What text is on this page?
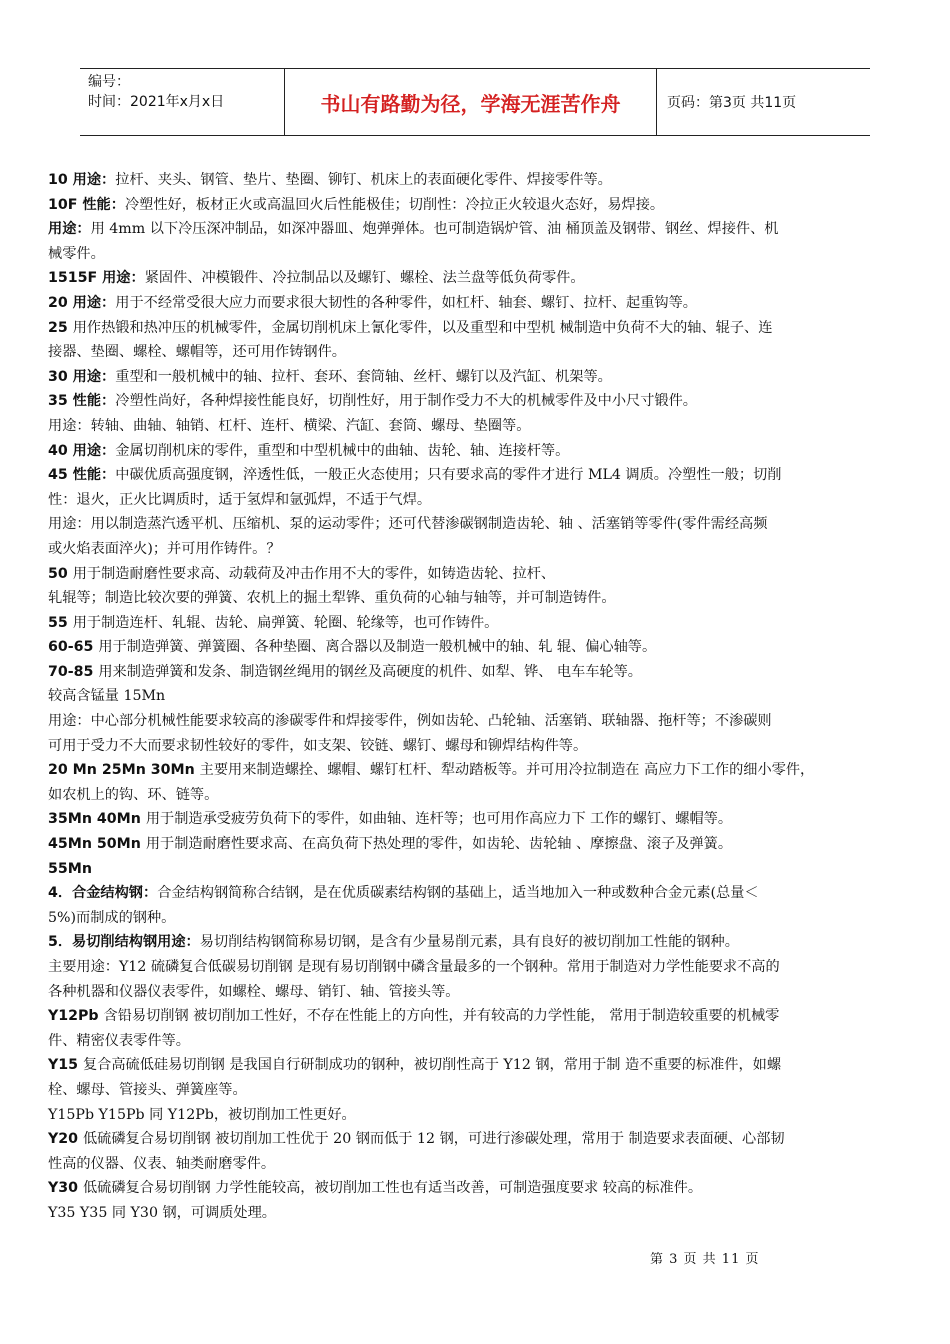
编号：
时间：2021年x月x日	书山有路勤为径，学海无涯苦作舟	页码：第3页 共11页

10 用途：拉杆、夹头、钢管、垫片、垫圈、铆钉、机床上的表面硬化零件、焊接零件等。

10F 性能：冷塑性好，板材正火或高温回火后性能极佳；切削性：冷拉正火较退火态好，易焊接。

用途：用 4mm 以下冷压深冲制品，如深冲器皿、炮弹弹体。也可制造锅炉管、油 桶顶盖及钢带、钢丝、焊接件、机

械零件。

1515F 用途：紧固件、冲模锻件、冷拉制品以及螺钉、螺栓、法兰盘等低负荷零件。

20 用途：用于不经常受很大应力而要求很大韧性的各种零件，如杠杆、轴套、螺钉、拉杆、起重钩等。

25 用作热锻和热冲压的机械零件，金属切削机床上氰化零件，以及重型和中型机 械制造中负荷不大的轴、辊子、连

接器、垫圈、螺栓、螺帽等，还可用作铸钢件。

30 用途：重型和一般机械中的轴、拉杆、套环、套筒轴、丝杆、螺钉以及汽缸、机架等。

35 性能：冷塑性尚好，各种焊接性能良好，切削性好，用于制作受力不大的机械零件及中小尺寸锻件。

用途：转轴、曲轴、轴销、杠杆、连杆、横梁、汽缸、套筒、螺母、垫圈等。

40 用途：金属切削机床的零件，重型和中型机械中的曲轴、齿轮、轴、连接杆等。

45 性能：中碳优质高强度钢，淬透性低，一般正火态使用；只有要求高的零件才进行 ML4 调质。冷塑性一般；切削

性：退火，正火比调质时，适于氢焊和氩弧焊，不适于气焊。

用途：用以制造蒸汽透平机、压缩机、泵的运动零件；还可代替渗碳钢制造齿轮、轴 、活塞销等零件(零件需经高频

或火焰表面淬火)；并可用作铸件。？

50 用于制造耐磨性要求高、动载荷及冲击作用不大的零件，如铸造齿轮、拉杆、

轧辊等；制造比较次要的弹簧、农机上的掘土犁铧、重负荷的心轴与轴等，并可制造铸件。

55 用于制造连杆、轧辊、齿轮、扁弹簧、轮圈、轮缘等，也可作铸件。

60-65 用于制造弹簧、弹簧圈、各种垫圈、离合器以及制造一般机械中的轴、轧 辊、偏心轴等。

70-85 用来制造弹簧和发条、制造钢丝绳用的钢丝及高硬度的机件、如犁、铧、 电车车轮等。

较高含锰量 15Mn

用途：中心部分机械性能要求较高的渗碳零件和焊接零件，例如齿轮、凸轮轴、活塞销、联轴器、拖杆等；不渗碳则

可用于受力不大而要求韧性较好的零件，如支架、铰链、螺钉、螺母和铆焊结构件等。

20 Mn 25Mn 30Mn 主要用来制造螺拴、螺帽、螺钉杠杆、犁动踏板等。并可用冷拉制造在 高应力下工作的细小零件，

如农机上的钩、环、链等。

35Mn 40Mn 用于制造承受疲劳负荷下的零件，如曲轴、连杆等；也可用作高应力下 工作的螺钉、螺帽等。

45Mn 50Mn 用于制造耐磨性要求高、在高负荷下热处理的零件，如齿轮、齿轮轴 、摩擦盘、滚子及弹簧。

55Mn

4．合金结构钢：合金结构钢简称合结钢，是在优质碳素结构钢的基础上，适当地加入一种或数种合金元素(总量＜

5%)而制成的钢种。

5．易切削结构钢用途：易切削结构钢简称易切钢，是含有少量易削元素，具有良好的被切削加工性能的钢种。

主要用途：Y12 硫磷复合低碳易切削钢 是现有易切削钢中磷含量最多的一个钢种。常用于制造对力学性能要求不高的

各种机器和仪器仪表零件，如螺栓、螺母、销钉、轴、管接头等。

Y12Pb 含铅易切削钢 被切削加工性好，不存在性能上的方向性，并有较高的力学性能， 常用于制造较重要的机械零

件、精密仪表零件等。

Y15 复合高硫低硅易切削钢 是我国自行研制成功的钢种，被切削性高于 Y12 钢，常用于制 造不重要的标准件，如螺

栓、螺母、管接头、弹簧座等。

Y15Pb Y15Pb 同 Y12Pb，被切削加工性更好。

Y20 低硫磷复合易切削钢 被切削加工性优于 20 钢而低于 12 钢，可进行渗碳处理，常用于 制造要求表面硬、心部韧

性高的仪器、仪表、轴类耐磨零件。

Y30 低硫磷复合易切削钢 力学性能较高，被切削加工性也有适当改善，可制造强度要求 较高的标准件。

Y35 Y35 同 Y30 钢，可调质处理。

第 3 页 共 11 页
